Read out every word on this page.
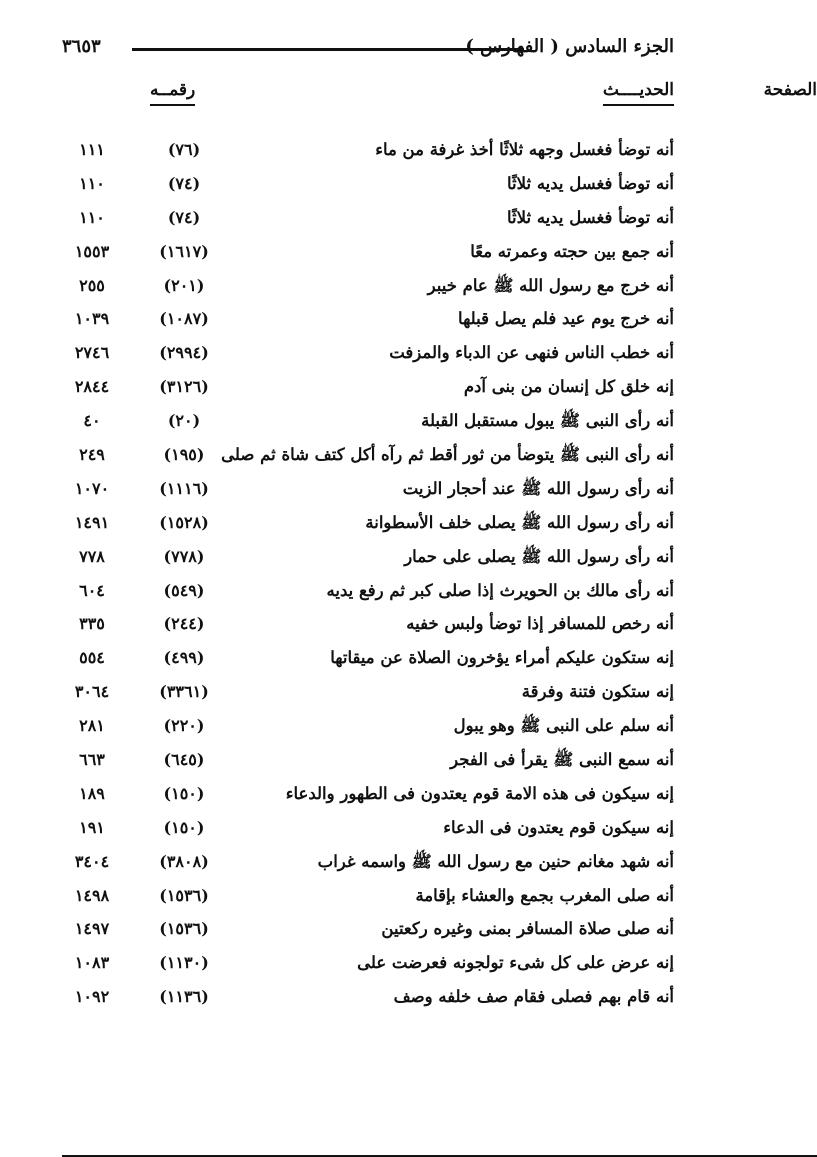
الجزء السادس ( الفهارس )
٣٦٥٣
الحديــــث
رقمــه	الصفحة
أنه توضأ فغسل وجهه ثلاثًا أخذ غرفة من ماء
(٧٦)
١١١
أنه توضأ فغسل يديه ثلاثًا
(٧٤)
١١٠
أنه توضأ فغسل يديه ثلاثًا
(٧٤)
١١٠
أنه جمع بين حجته وعمرته معًا
(١٦١٧)
١٥٥٣
أنه خرج مع رسول الله ﷺ عام خيبر
(٢٠١)
٢٥٥
أنه خرج يوم عيد فلم يصل قبلها
(١٠٨٧)
١٠٣٩
أنه خطب الناس فنهى عن الدباء والمزفت
(٢٩٩٤)
٢٧٤٦
إنه خلق كل إنسان من بنى آدم
(٣١٢٦)
٢٨٤٤
أنه رأى النبى ﷺ يبول مستقبل القبلة
(٢٠)
٤٠
أنه رأى النبى ﷺ يتوضأ من ثور أقط ثم رآه أكل كتف شاة ثم صلى
(١٩٥)
٢٤٩
أنه رأى رسول الله ﷺ عند أحجار الزيت
(١١١٦)
١٠٧٠
أنه رأى رسول الله ﷺ يصلى خلف الأسطوانة
(١٥٢٨)
١٤٩١
أنه رأى رسول الله ﷺ يصلى على حمار
(٧٧٨)
٧٧٨
أنه رأى مالك بن الحويرث إذا صلى كبر ثم رفع يديه
(٥٤٩)
٦٠٤
أنه رخص للمسافر إذا توضأ ولبس خفيه
(٢٤٤)
٣٣٥
إنه ستكون عليكم أمراء يؤخرون الصلاة عن ميقاتها
(٤٩٩)
٥٥٤
إنه ستكون فتنة وفرقة
(٣٣٦١)
٣٠٦٤
أنه سلم على النبى ﷺ وهو يبول
(٢٢٠)
٢٨١
أنه سمع النبى ﷺ يقرأ فى الفجر
(٦٤٥)
٦٦٣
إنه سيكون فى هذه الامة قوم يعتدون فى الطهور والدعاء
(١٥٠)
١٨٩
إنه سيكون قوم يعتدون فى الدعاء
(١٥٠)
١٩١
أنه شهد مغانم حنين مع رسول الله ﷺ واسمه غراب
(٣٨٠٨)
٣٤٠٤
أنه صلى المغرب بجمع والعشاء بإقامة
(١٥٣٦)
١٤٩٨
أنه صلى صلاة المسافر بمنى وغيره ركعتين
(١٥٣٦)
١٤٩٧
إنه عرض على كل شىء تولجونه فعرضت على
(١١٣٠)
١٠٨٣
أنه قام بهم فصلى فقام صف خلفه وصف
(١١٣٦)
١٠٩٢
